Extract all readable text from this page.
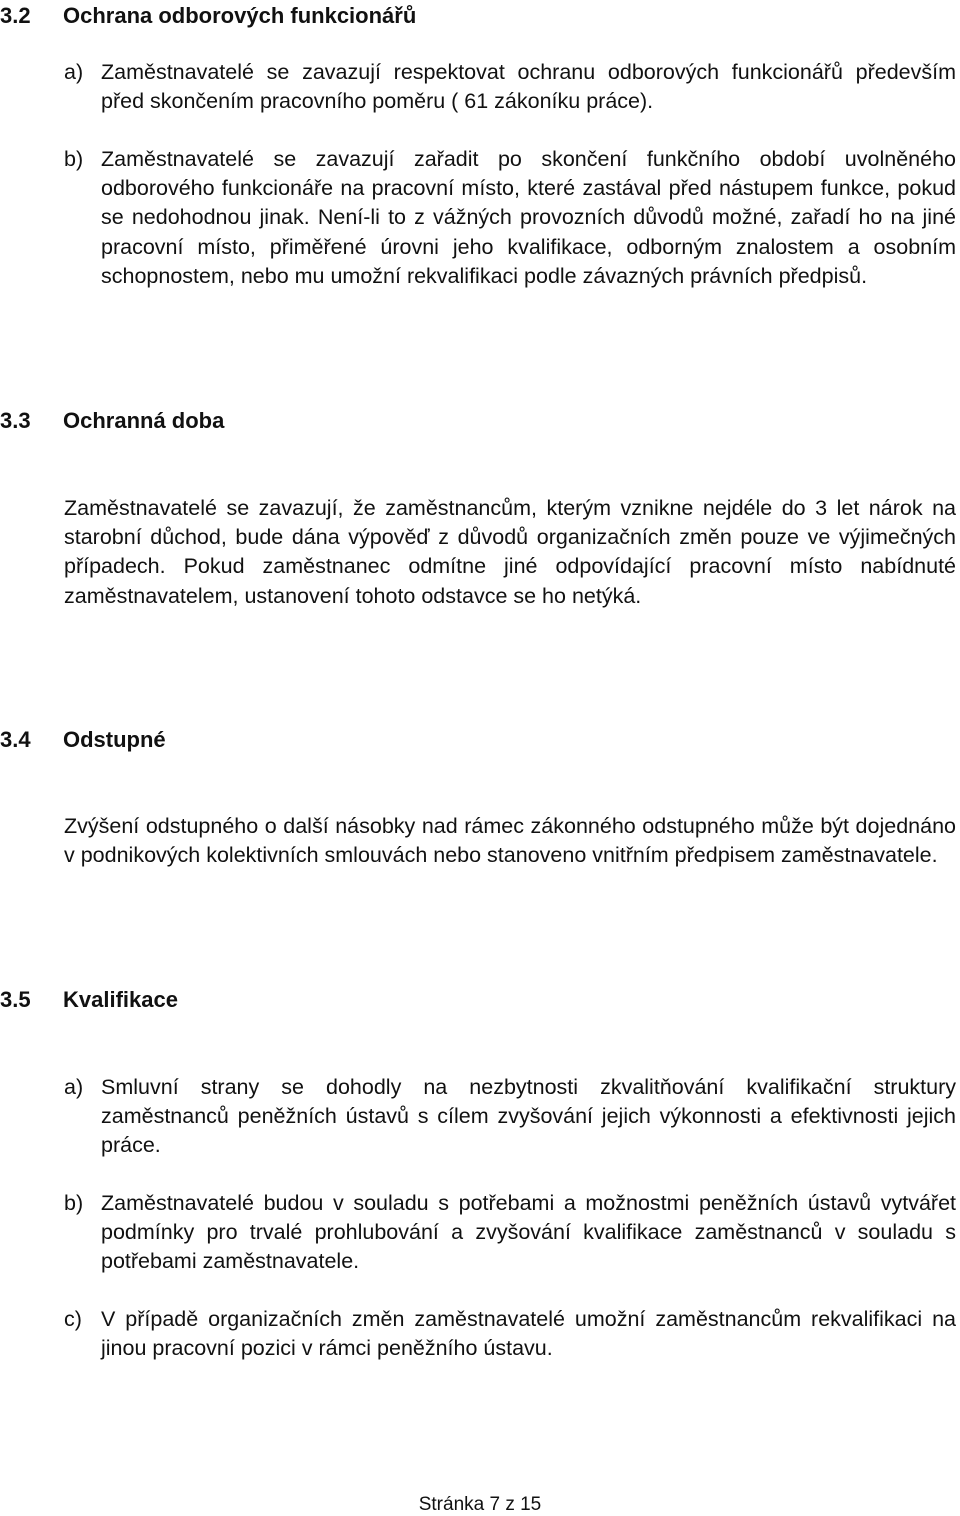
3.2 Ochrana odborových funkcionářů
a) Zaměstnavatelé se zavazují respektovat ochranu odborových funkcionářů především před skončením pracovního poměru ( 61 zákoníku práce).
b) Zaměstnavatelé se zavazují zařadit po skončení funkčního období uvolněného odborového funkcionáře na pracovní místo, které zastával před nástupem funkce, pokud se nedohodnou jinak. Není-li to z vážných provozních důvodů možné, zařadí ho na jiné pracovní místo, přiměřené úrovni jeho kvalifikace, odborným znalostem a osobním schopnostem, nebo mu umožní rekvalifikaci podle závazných právních předpisů.
3.3 Ochranná doba
Zaměstnavatelé se zavazují, že zaměstnancům, kterým vznikne nejdéle do 3 let nárok na starobní důchod, bude dána výpověď z důvodů organizačních změn pouze ve výjimečných případech. Pokud zaměstnanec odmítne jiné odpovídající pracovní místo nabídnuté zaměstnavatelem, ustanovení tohoto odstavce se ho netýká.
3.4 Odstupné
Zvýšení odstupného o další násobky nad rámec zákonného odstupného může být dojednáno v podnikových kolektivních smlouvách nebo stanoveno vnitřním předpisem zaměstnavatele.
3.5 Kvalifikace
a) Smluvní strany se dohodly na nezbytnosti zkvalitňování kvalifikační struktury zaměstnanců peněžních ústavů s cílem zvyšování jejich výkonnosti a efektivnosti jejich práce.
b) Zaměstnavatelé budou v souladu s potřebami a možnostmi peněžních ústavů vytvářet podmínky pro trvalé prohlubování a zvyšování kvalifikace zaměstnanců v souladu s potřebami zaměstnavatele.
c) V případě organizačních změn zaměstnavatelé umožní zaměstnancům rekvalifikaci na jinou pracovní pozici v rámci peněžního ústavu.
Stránka 7 z 15
